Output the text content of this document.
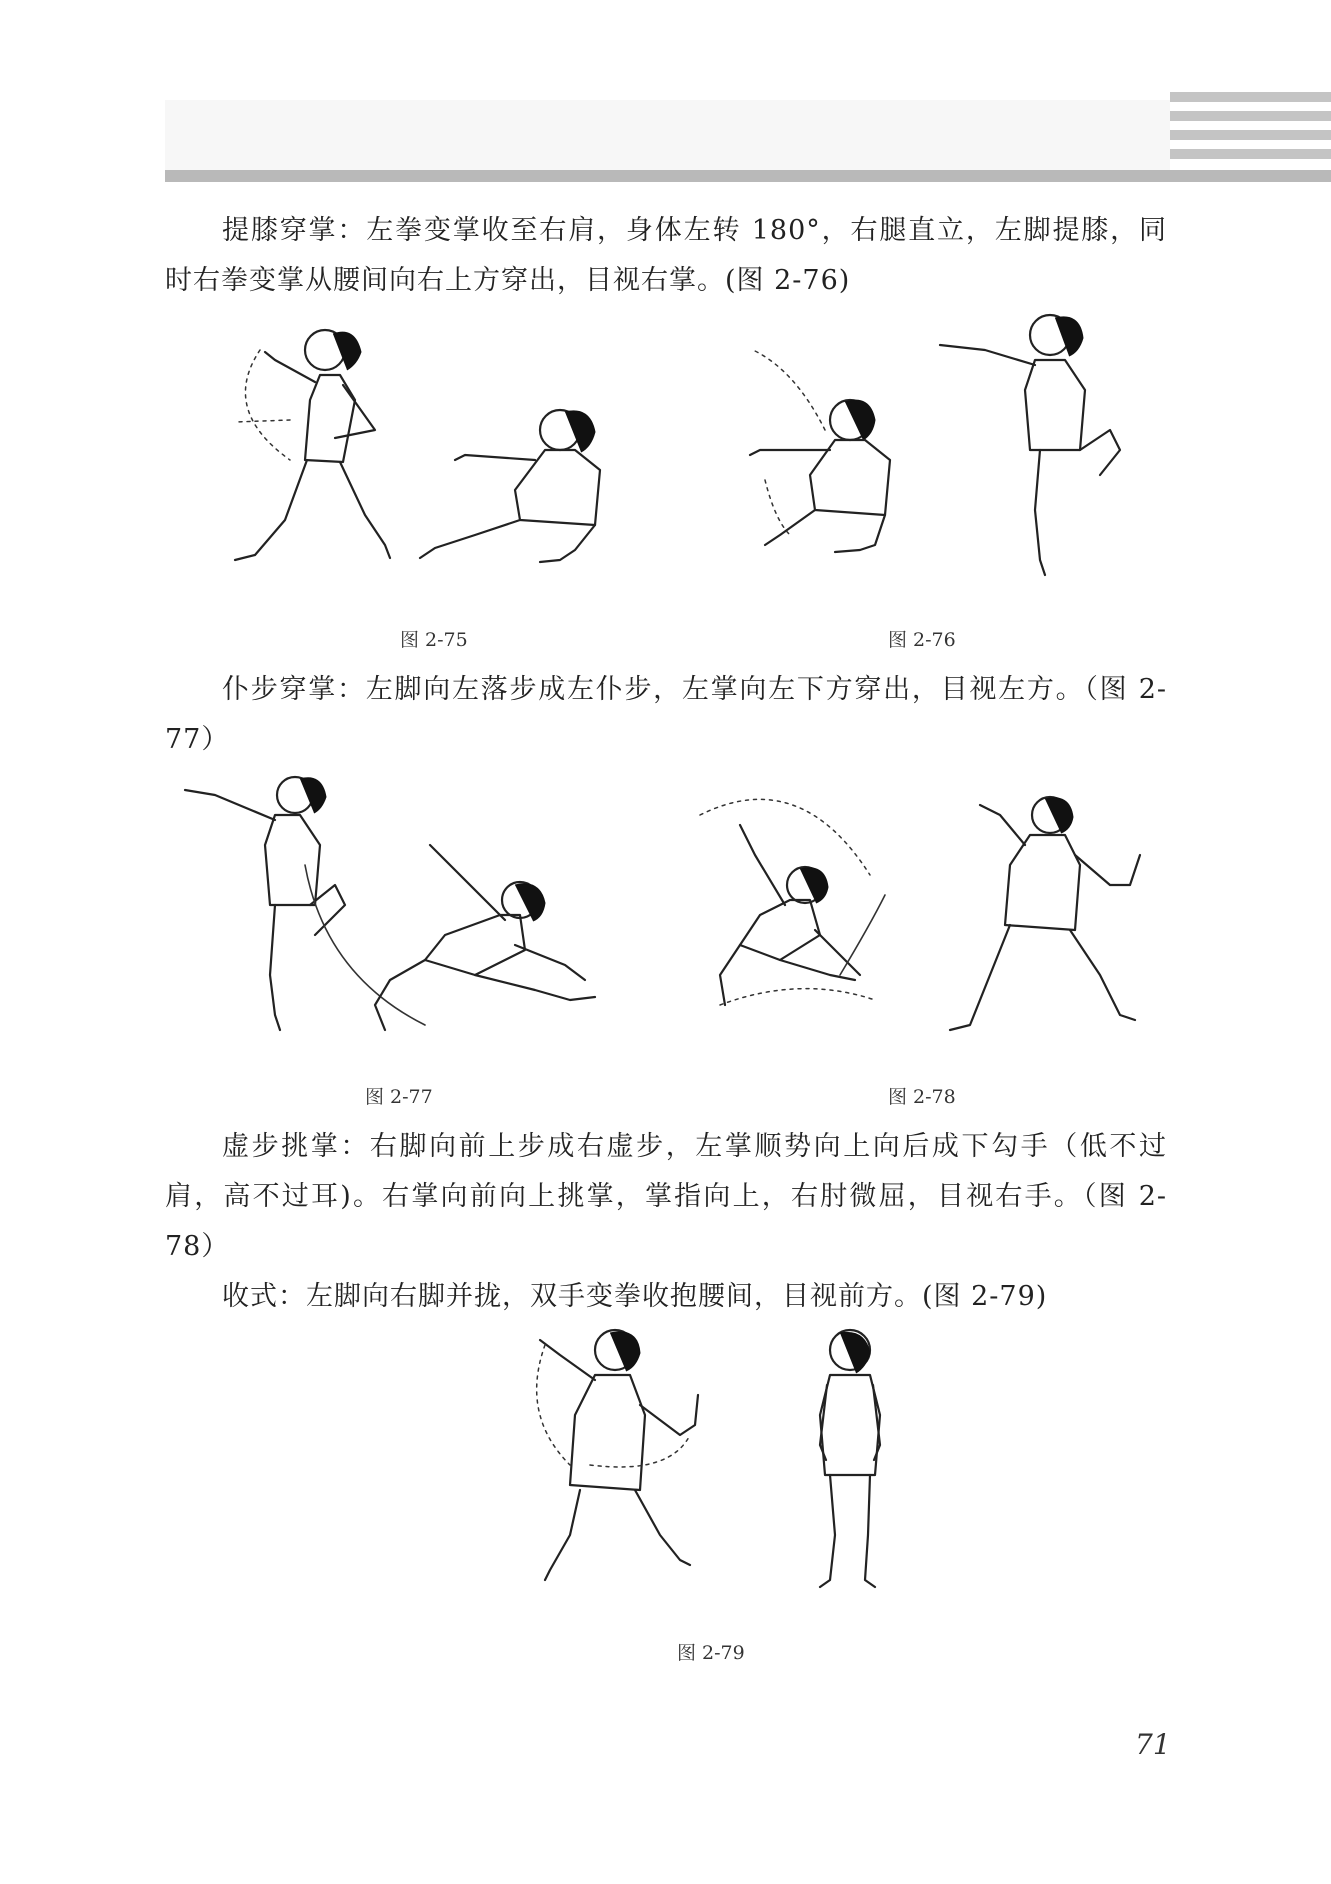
提膝穿掌：左拳变掌收至右肩，身体左转 180°，右腿直立，左脚提膝，同时右拳变掌从腰间向右上方穿出，目视右掌。(图 2-76)

图 2-75	图 2-76

仆步穿掌：左脚向左落步成左仆步，左掌向左下方穿出，目视左方。（图 2-77）

图 2-77	图 2-78

虚步挑掌：右脚向前上步成右虚步，左掌顺势向上向后成下勾手（低不过肩，高不过耳)。右掌向前向上挑掌，掌指向上，右肘微屈，目视右手。（图 2-78）

收式：左脚向右脚并拢，双手变拳收抱腰间，目视前方。(图 2-79)

图 2-79
71
